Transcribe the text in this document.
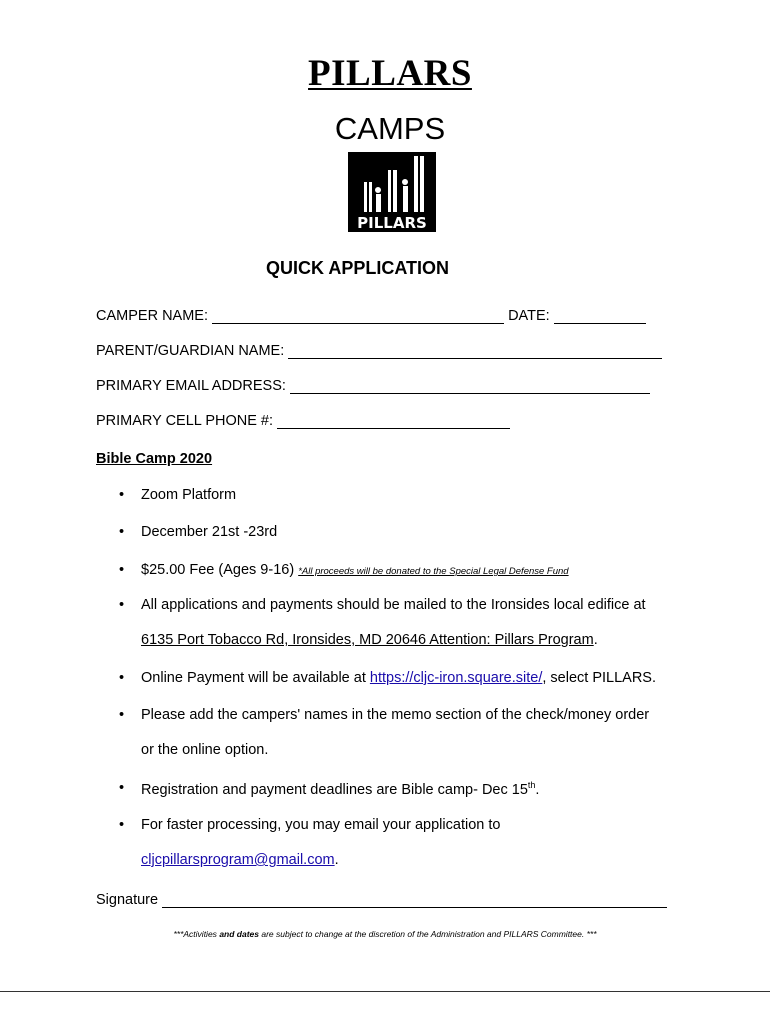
PILLARS
CAMPS
PILLARS
QUICK APPLICATION
CAMPER NAME:	DATE:
PARENT/GUARDIAN NAME:
PRIMARY EMAIL ADDRESS:
PRIMARY CELL PHONE #:
Bible Camp 2020
• Zoom Platform
• December 21st -23rd
• $25.00 Fee (Ages 9-16) *All proceeds will be donated to the Special Legal Defense Fund
• All applications and payments should be mailed to the Ironsides local edifice at
6135 Port Tobacco Rd, Ironsides, MD 20646 Attention: Pillars Program.
• Online Payment will be available at https://cljc-iron.square.site/, select PILLARS.
• Please add the campers' names in the memo section of the check/money order
or the online option.
• Registration and payment deadlines are Bible camp- Dec 15th.
• For faster processing, you may email your application to
cljcpillarsprogram@gmail.com.
Signature
***Activities and dates are subject to change at the discretion of the Administration and PILLARS Committee. ***
